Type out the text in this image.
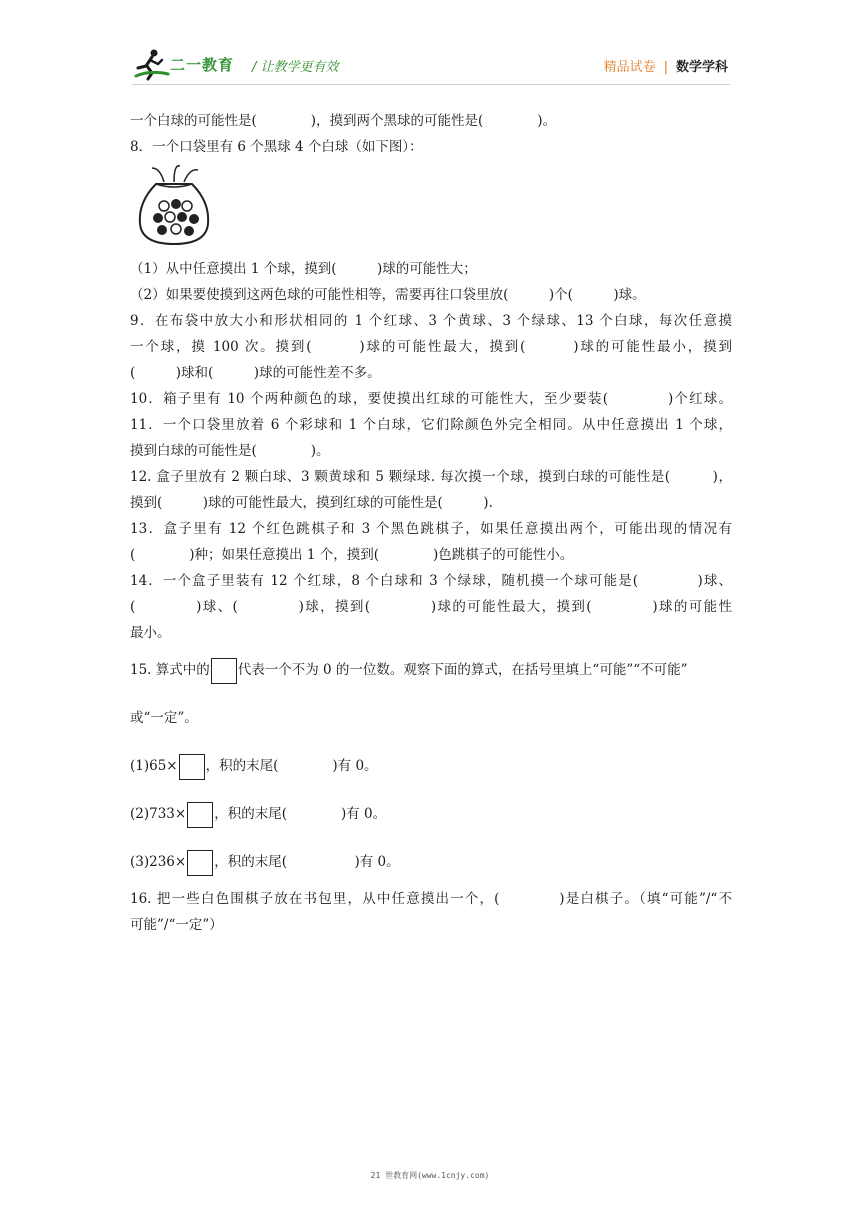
二一教育 / 让教学更有效	精品试卷 | 数学学科
一个白球的可能性是(　　　　)，摸到两个黑球的可能性是(　　　　)。
8．一个口袋里有 6 个黑球 4 个白球（如下图）：
（1）从中任意摸出 1 个球，摸到(　　　)球的可能性大；
（2）如果要使摸到这两色球的可能性相等，需要再往口袋里放(　　　)个(　　　)球。
9．在布袋中放大小和形状相同的 1 个红球、3 个黄球、3 个绿球、13 个白球，每次任意摸
一个球，摸 100 次。摸到(　　　)球的可能性最大，摸到(　　　)球的可能性最小，摸到
(　　　)球和(　　　)球的可能性差不多。
10．箱子里有 10 个两种颜色的球，要使摸出红球的可能性大，至少要装(　　　　)个红球。
11．一个口袋里放着 6 个彩球和 1 个白球，它们除颜色外完全相同。从中任意摸出 1 个球，
摸到白球的可能性是(　　　　)。
12. 盒子里放有 2 颗白球、3 颗黄球和 5 颗绿球. 每次摸一个球，摸到白球的可能性是(　　　)，
摸到(　　　)球的可能性最大，摸到红球的可能性是(　　　).
13．盒子里有 12 个红色跳棋子和 3 个黑色跳棋子，如果任意摸出两个，可能出现的情况有
(　　　　)种；如果任意摸出 1 个，摸到(　　　　)色跳棋子的可能性小。
14．一个盒子里装有 12 个红球，8 个白球和 3 个绿球，随机摸一个球可能是(　　　　)球、
(　　　　)球、(　　　　)球，摸到(　　　　)球的可能性最大，摸到(　　　　)球的可能性
最小。
15. 算式中的 代表一个不为 0 的一位数。观察下面的算式，在括号里填上“可能”“不可能”
或“一定”。
(1)65× ，积的末尾(　　　　)有 0。
(2)733× ，积的末尾(　　　　)有 0。
(3)236× ，积的末尾(　　　　　)有 0。
16. 把一些白色围棋子放在书包里，从中任意摸出一个，(　　　　)是白棋子。（填“可能”/“不
可能”/“一定”）
21 世教育网(www.1cnjy.com)
